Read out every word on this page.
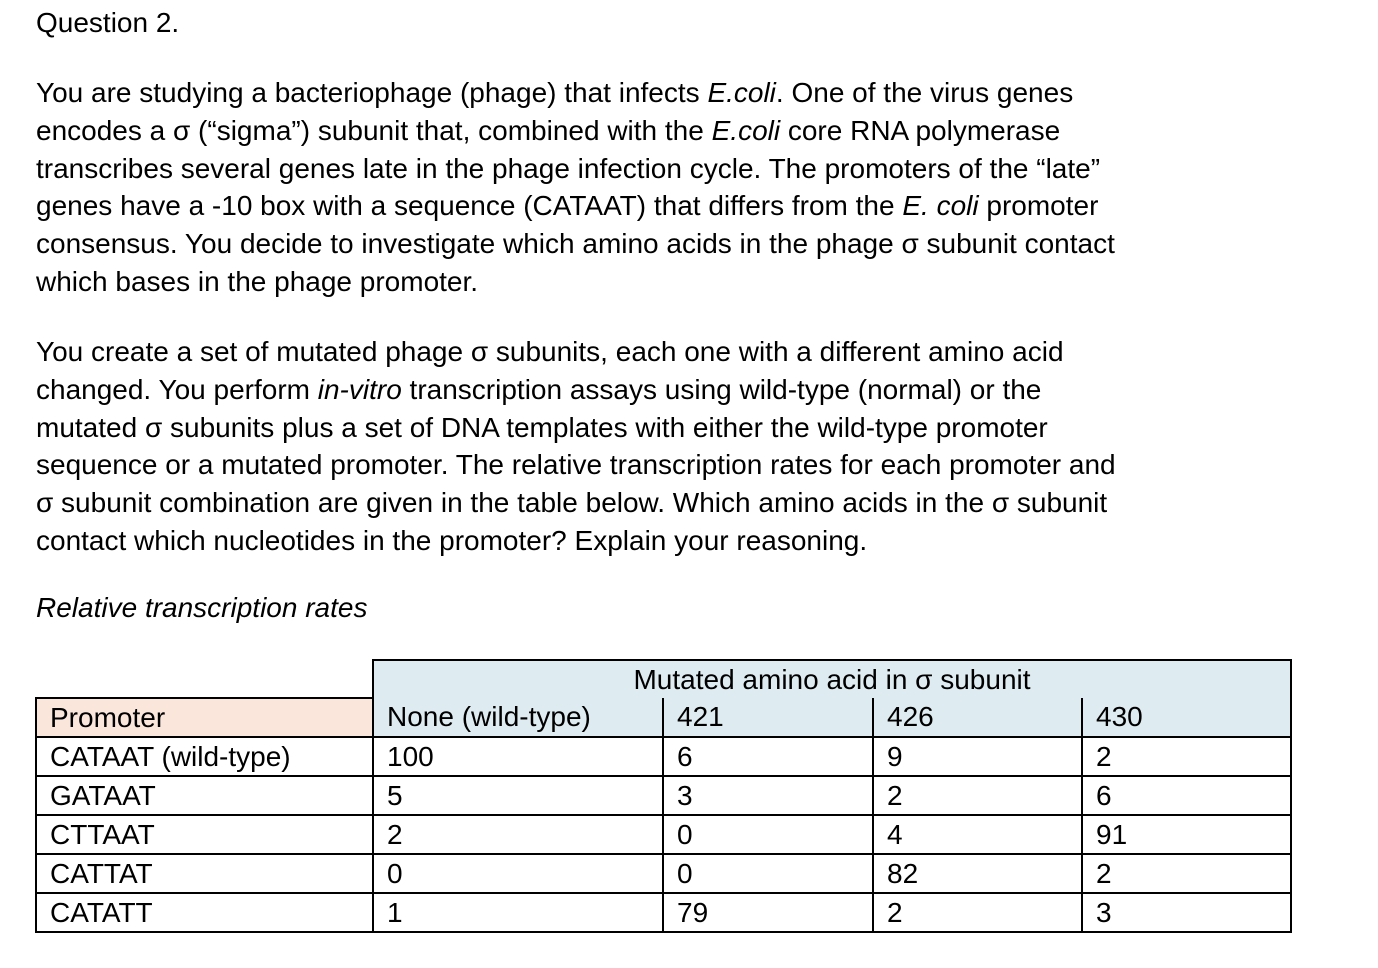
Question 2.

You are studying a bacteriophage (phage) that infects E.coli. One of the virus genes
encodes a σ (“sigma”) subunit that, combined with the E.coli core RNA polymerase
transcribes several genes late in the phage infection cycle. The promoters of the “late”
genes have a -10 box with a sequence (CATAAT) that differs from the E. coli promoter
consensus. You decide to investigate which amino acids in the phage σ subunit contact
which bases in the phage promoter.

You create a set of mutated phage σ subunits, each one with a different amino acid
changed. You perform in-vitro transcription assays using wild-type (normal) or the
mutated σ subunits plus a set of DNA templates with either the wild-type promoter
sequence or a mutated promoter. The relative transcription rates for each promoter and
σ subunit combination are given in the table below. Which amino acids in the σ subunit
contact which nucleotides in the promoter? Explain your reasoning.

Relative transcription rates

	Mutated amino acid in σ subunit			
Promoter	None (wild-type)	421	426	430
CATAAT (wild-type)	100	6	9	2
GATAAT	5	3	2	6
CTTAAT	2	0	4	91
CATTAT	0	0	82	2
CATATT	1	79	2	3
